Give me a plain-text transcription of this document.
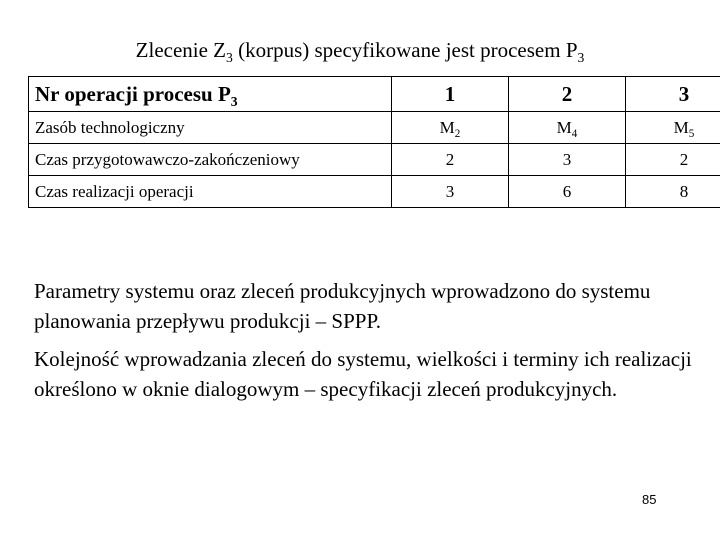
Zlecenie $Z_3$ (korpus) specyfikowane jest procesem $P_3$
Nr operacji procesu $P_3$	1	2	3
Zasób technologiczny	$M_2$	$M_4$	$M_5$
Czas przygotowawczo-zakończeniowy	2	3	2
Czas realizacji operacji	3	6	8

Parametry systemu oraz zleceń produkcyjnych wprowadzono do systemu planowania przepływu produkcji – SPPP.

Kolejność wprowadzania zleceń do systemu, wielkości i terminy ich realizacji określono w oknie dialogowym – specyfikacji zleceń produkcyjnych.

85
